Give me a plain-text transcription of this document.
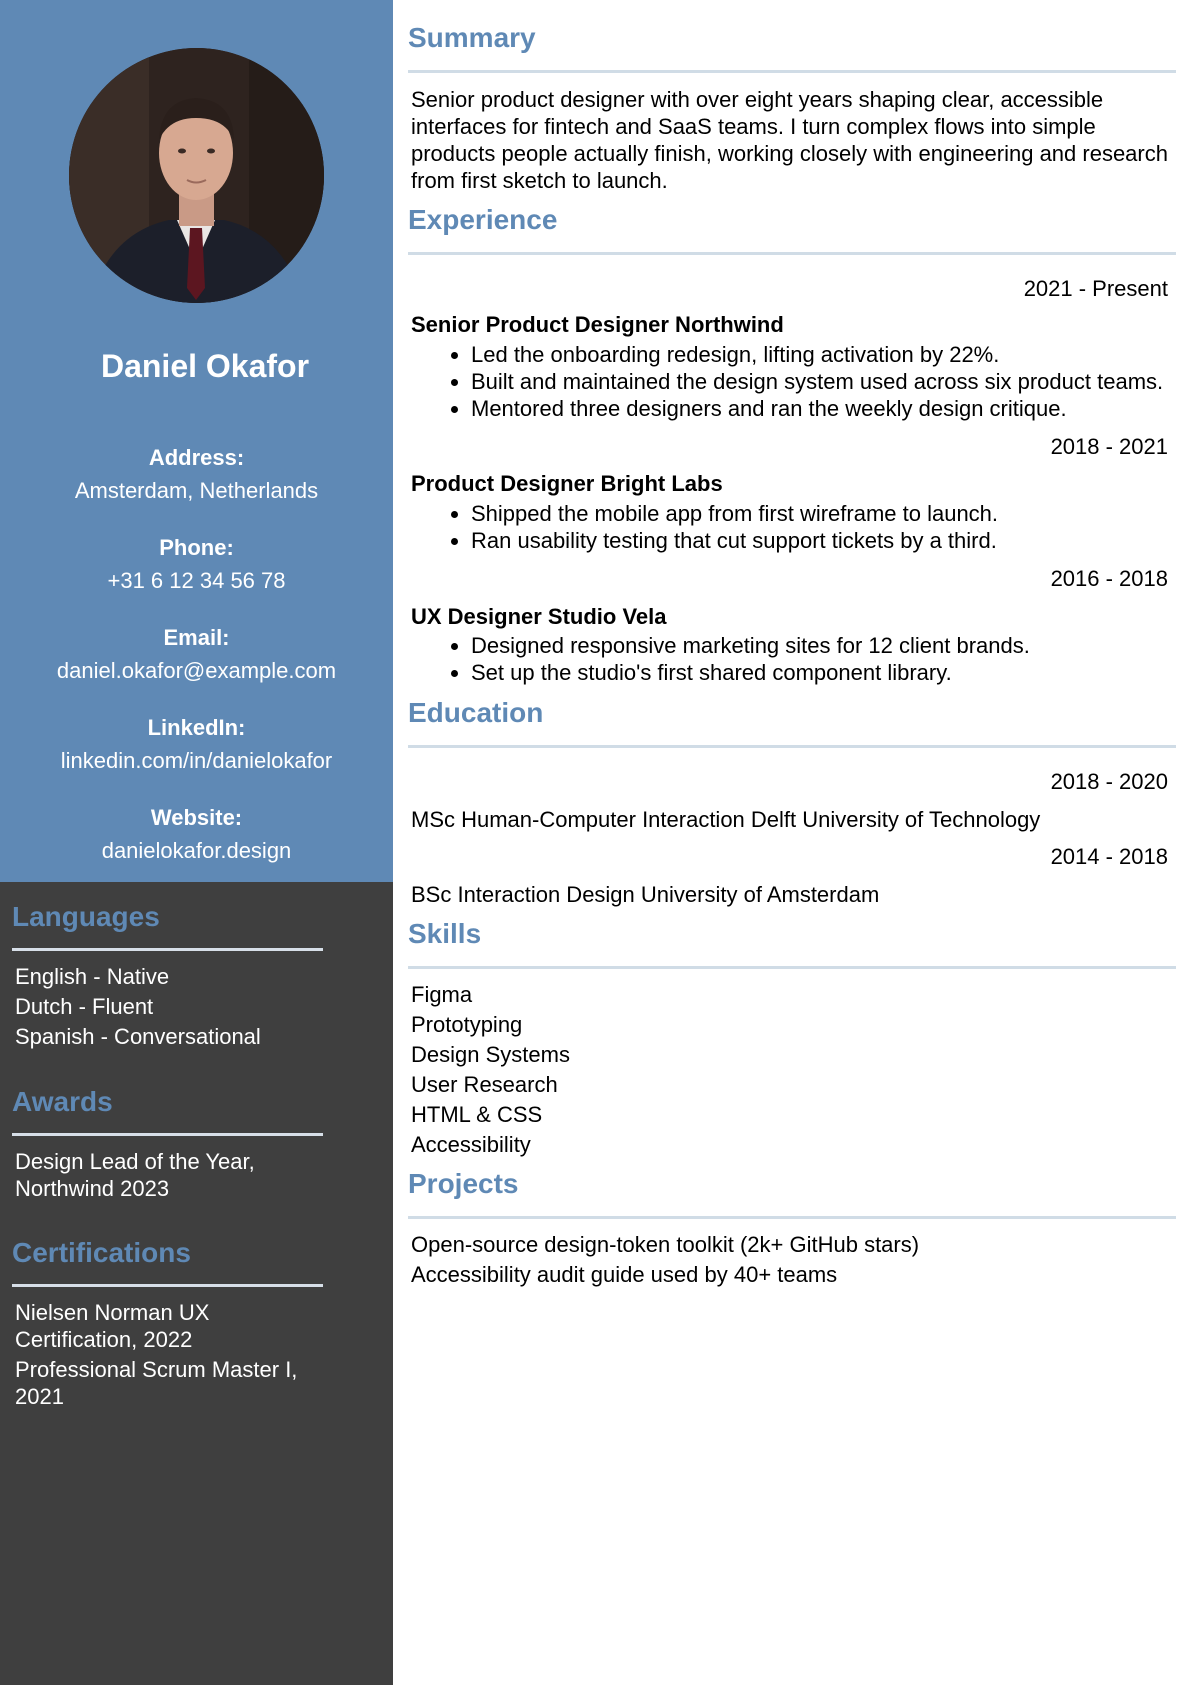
Daniel Okafor
Address:
Amsterdam, Netherlands
Phone:
+31 6 12 34 56 78
Email:
daniel.okafor@example.com
LinkedIn:
linkedin.com/in/danielokafor
Website:
danielokafor.design
Languages
English - Native
Dutch - Fluent
Spanish - Conversational
Awards
Design Lead of the Year, Northwind 2023
Certifications
Nielsen Norman UX Certification, 2022
Professional Scrum Master I, 2021
Summary
Senior product designer with over eight years shaping clear, accessible interfaces for fintech and SaaS teams. I turn complex flows into simple products people actually finish, working closely with engineering and research from first sketch to launch.
Experience
2021 - Present
Senior Product Designer Northwind
• Led the onboarding redesign, lifting activation by 22%.
• Built and maintained the design system used across six product teams.
• Mentored three designers and ran the weekly design critique.
2018 - 2021
Product Designer Bright Labs
• Shipped the mobile app from first wireframe to launch.
• Ran usability testing that cut support tickets by a third.
2016 - 2018
UX Designer Studio Vela
• Designed responsive marketing sites for 12 client brands.
• Set up the studio's first shared component library.
Education
2018 - 2020
MSc Human-Computer Interaction Delft University of Technology
2014 - 2018
BSc Interaction Design University of Amsterdam
Skills
Figma
Prototyping
Design Systems
User Research
HTML & CSS
Accessibility
Projects
Open-source design-token toolkit (2k+ GitHub stars)
Accessibility audit guide used by 40+ teams
